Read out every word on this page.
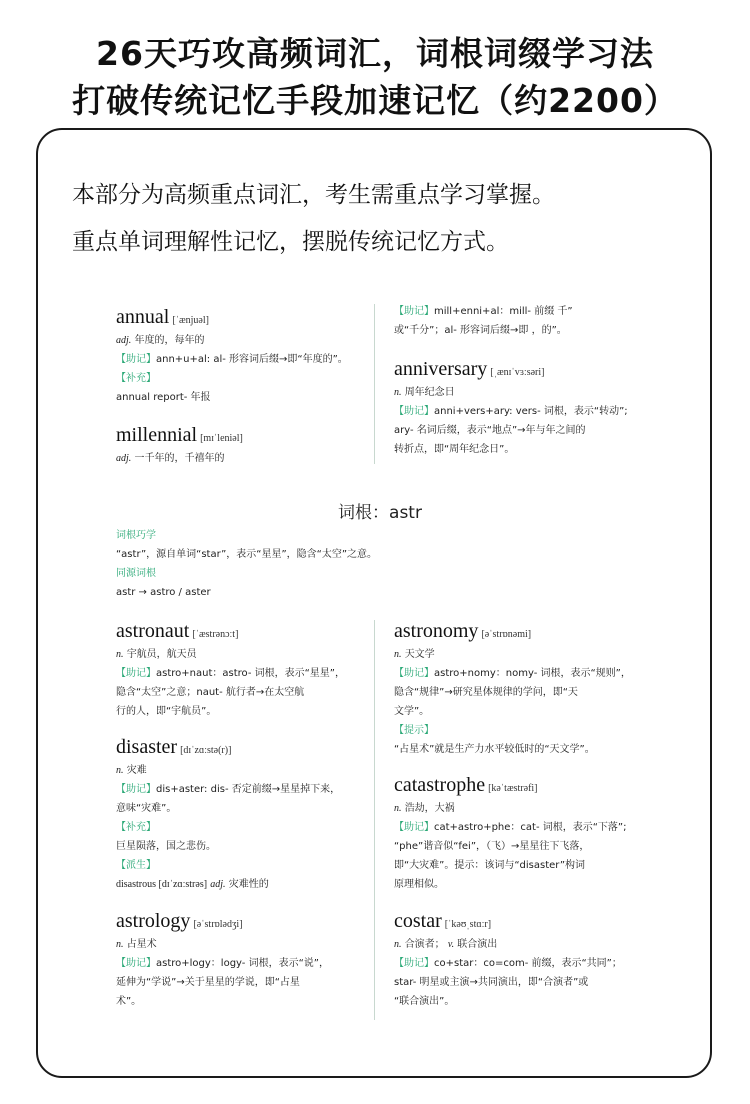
26天巧攻高频词汇，词根词缀学习法
打破传统记忆手段加速记忆（约2200）
本部分为高频重点词汇，考生需重点学习掌握。
重点单词理解性记忆，摆脱传统记忆方式。
annual [ˈænjuəl]
adj. 年度的，每年的
【助记】ann+u+al: al- 形容词后缀→即“年度的”。
【补充】
annual report- 年报
millennial [mɪˈleniəl]
adj. 一千年的，千禧年的
【助记】mill+enni+al：mill- 前缀 千”
或“千分”；al- 形容词后缀→即 ，的”。
anniversary [ˌænɪˈvɜːsəri]
n. 周年纪念日
【助记】anni+vers+ary: vers- 词根，表示“转动”;
ary- 名词后缀，表示“地点”→年与年之间的
转折点，即“周年纪念日”。
词根：astr
词根巧学
“astr”，源自单词“star”，表示“星星”，隐含“太空”之意。
同源词根
astr → astro / aster
astronaut [ˈæstrənɔːt]
n. 宇航员，航天员
【助记】astro+naut：astro- 词根，表示“星星”，
隐含“太空”之意；naut- 航行者→在太空航
行的人，即“宇航员”。
disaster [dɪˈzɑːstə(r)]
n. 灾难
【助记】dis+aster: dis- 否定前缀→星星掉下来，
意味“灾难”。
【补充】
巨星陨落，国之悲伤。
【派生】
disastrous [dɪˈzɑːstrəs] adj. 灾难性的
astrology [əˈstrɒlədʒi]
n. 占星术
【助记】astro+logy：logy- 词根，表示“说”，
延伸为“学说”→关于星星的学说，即“占星
术”。
astronomy [əˈstrɒnəmi]
n. 天文学
【助记】astro+nomy：nomy- 词根，表示“规则”，
隐含“规律”→研究星体规律的学问，即“天
文学”。
【提示】
“占星术”就是生产力水平较低时的“天文学”。
catastrophe [kəˈtæstrəfi]
n. 浩劫，大祸
【助记】cat+astro+phe：cat- 词根，表示“下落”;
“phe”谐音似“fei”，（飞）→星星往下飞落，
即“大灾难”。提示：该词与“disaster”构词
原理相似。
costar [ˈkəʊˌstɑːr]
n. 合演者； v. 联合演出
【助记】co+star：co=com- 前缀，表示“共同”；
star- 明星或主演→共同演出，即“合演者”或
“联合演出”。
